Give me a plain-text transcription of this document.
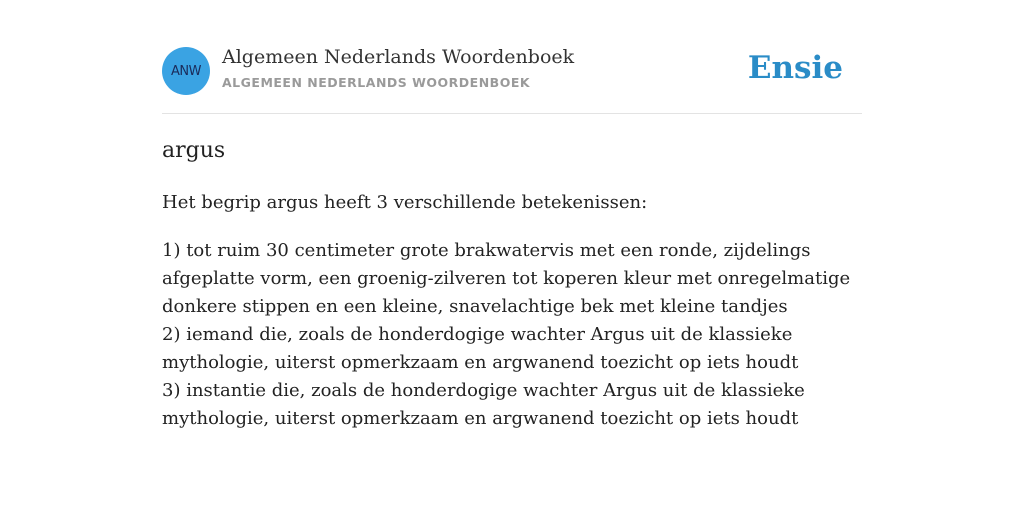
ANW
Algemeen Nederlands Woordenboek
ALGEMEEN NEDERLANDS WOORDENBOEK	Ensie
argus
Het begrip argus heeft 3 verschillende betekenissen:
1) tot ruim 30 centimeter grote brakwatervis met een ronde, zijdelings afgeplatte vorm, een groenig-zilveren tot koperen kleur met onregelmatige donkere stippen en een kleine, snavelachtige bek met kleine tandjes
2) iemand die, zoals de honderdogige wachter Argus uit de klassieke mythologie, uiterst opmerkzaam en argwanend toezicht op iets houdt
3) instantie die, zoals de honderdogige wachter Argus uit de klassieke mythologie, uiterst opmerkzaam en argwanend toezicht op iets houdt
